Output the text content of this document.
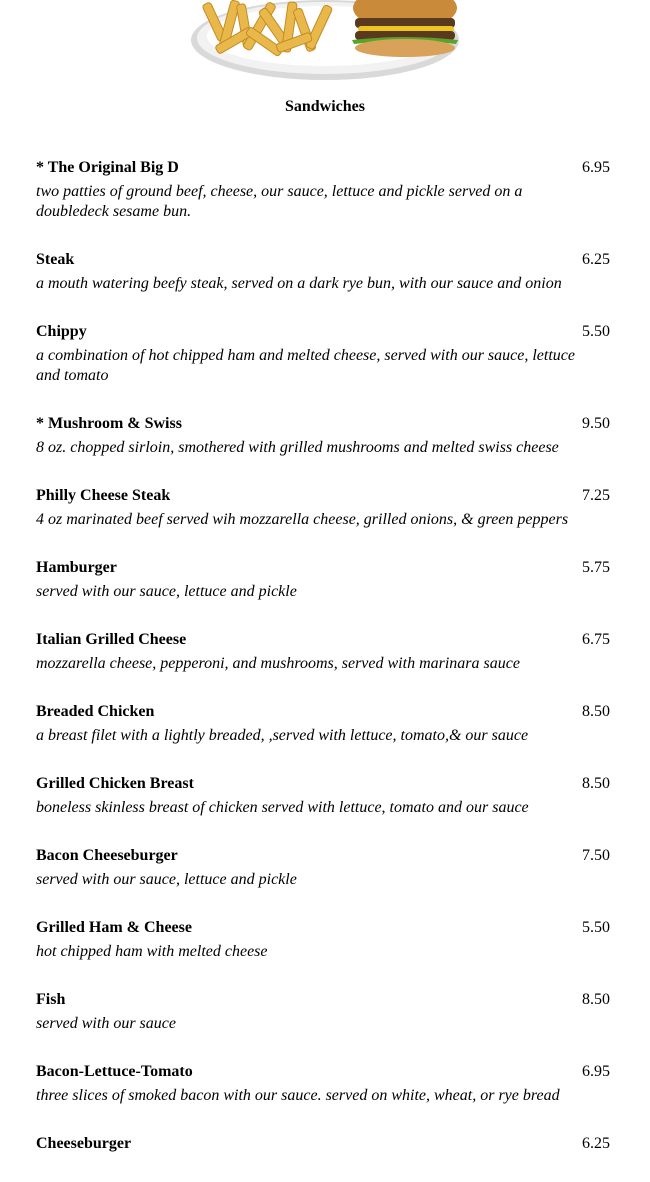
Sandwiches
* The Original Big D	6.95
two patties of ground beef, cheese, our sauce, lettuce and pickle served on a doubledeck sesame bun.
Steak	6.25
a mouth watering beefy steak, served on a dark rye bun, with our sauce and onion
Chippy	5.50
a combination of hot chipped ham and melted cheese, served with our sauce, lettuce and tomato
* Mushroom & Swiss	9.50
8 oz. chopped sirloin, smothered with grilled mushrooms and melted swiss cheese
Philly Cheese Steak	7.25
4 oz marinated beef served wih mozzarella cheese, grilled onions, & green peppers
Hamburger	5.75
served with our sauce, lettuce and pickle
Italian Grilled Cheese	6.75
mozzarella cheese, pepperoni, and mushrooms, served with marinara sauce
Breaded Chicken	8.50
a breast filet with a lightly breaded, ,served with lettuce, tomato,& our sauce
Grilled Chicken Breast	8.50
boneless skinless breast of chicken served with lettuce, tomato and our sauce
Bacon Cheeseburger	7.50
served with our sauce, lettuce and pickle
Grilled Ham & Cheese	5.50
hot chipped ham with melted cheese
Fish	8.50
served with our sauce
Bacon-Lettuce-Tomato	6.95
three slices of smoked bacon with our sauce. served on white, wheat, or rye bread
Cheeseburger	6.25
